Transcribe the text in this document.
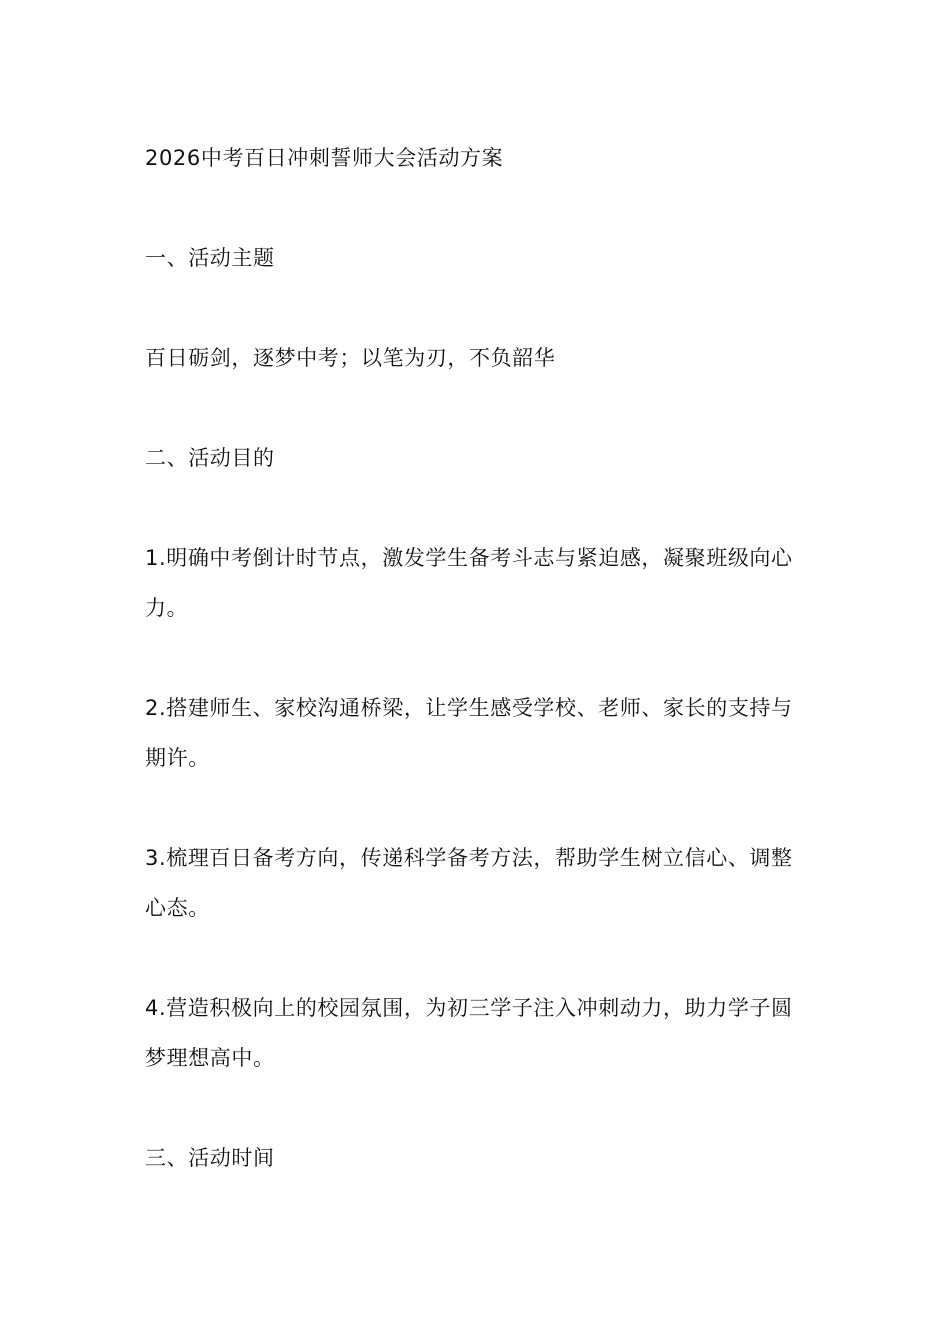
2026中考百日冲刺誓师大会活动方案

一、活动主题

百日砺剑，逐梦中考；以笔为刃，不负韶华

二、活动目的

1.明确中考倒计时节点，激发学生备考斗志与紧迫感，凝聚班级向心力。

2.搭建师生、家校沟通桥梁，让学生感受学校、老师、家长的支持与期许。

3.梳理百日备考方向，传递科学备考方法，帮助学生树立信心、调整心态。

4.营造积极向上的校园氛围，为初三学子注入冲刺动力，助力学子圆梦理想高中。

三、活动时间
